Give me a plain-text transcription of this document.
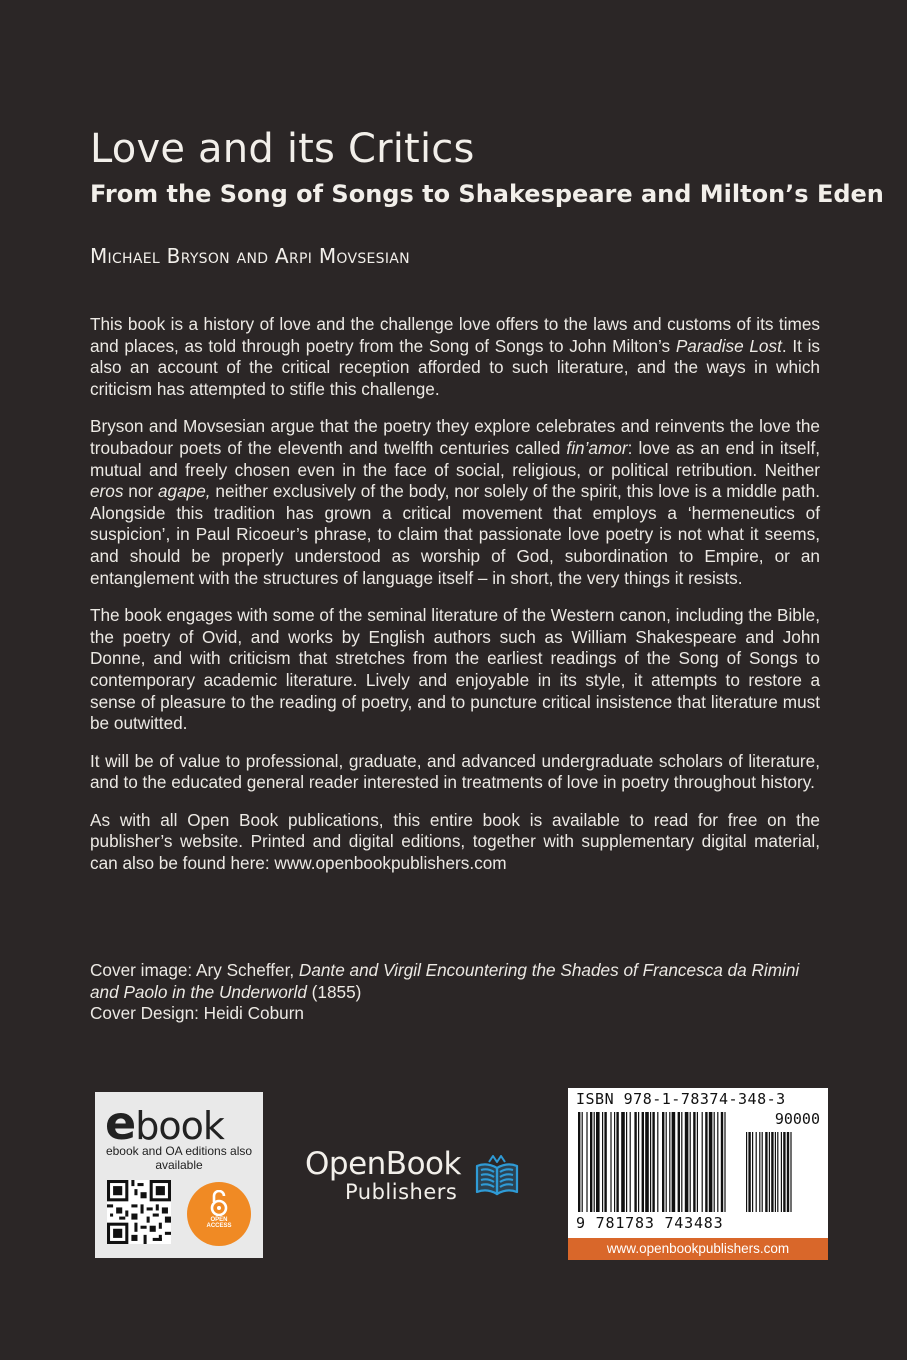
Love and its Critics
From the Song of Songs to Shakespeare and Milton’s Eden
Michael Bryson and Arpi Movsesian

This book is a history of love and the challenge love offers to the laws and customs of its times and places, as told through poetry from the Song of Songs to John Milton’s Paradise Lost. It is also an account of the critical reception afforded to such literature, and the ways in which criticism has attempted to stifle this challenge.

Bryson and Movsesian argue that the poetry they explore celebrates and reinvents the love the troubadour poets of the eleventh and twelfth centuries called fin’amor: love as an end in itself, mutual and freely chosen even in the face of social, religious, or political retribution. Neither eros nor agape, neither exclusively of the body, nor solely of the spirit, this love is a middle path. Alongside this tradition has grown a critical movement that employs a ‘hermeneutics of suspicion’, in Paul Ricoeur’s phrase, to claim that passionate love poetry is not what it seems, and should be properly understood as worship of God, subordination to Empire, or an entanglement with the structures of language itself – in short, the very things it resists.

The book engages with some of the seminal literature of the Western canon, including the Bible, the poetry of Ovid, and works by English authors such as William Shakespeare and John Donne, and with criticism that stretches from the earliest readings of the Song of Songs to contemporary academic literature. Lively and enjoyable in its style, it attempts to restore a sense of pleasure to the reading of poetry, and to puncture critical insistence that literature must be outwitted.

It will be of value to professional, graduate, and advanced undergraduate scholars of literature, and to the educated general reader interested in treatments of love in poetry throughout history.

As with all Open Book publications, this entire book is available to read for free on the publisher’s website. Printed and digital editions, together with supplementary digital material, can also be found here: www.openbookpublishers.com

Cover image: Ary Scheffer, Dante and Virgil Encountering the Shades of Francesca da Rimini and Paolo in the Underworld (1855)
Cover Design: Heidi Coburn
ebook
ebook and OA editions also available
OPEN
ACCESS
OpenBook
Publishers
ISBN 978-1-78374-348-3
90000
9 781783 743483
www.openbookpublishers.com
